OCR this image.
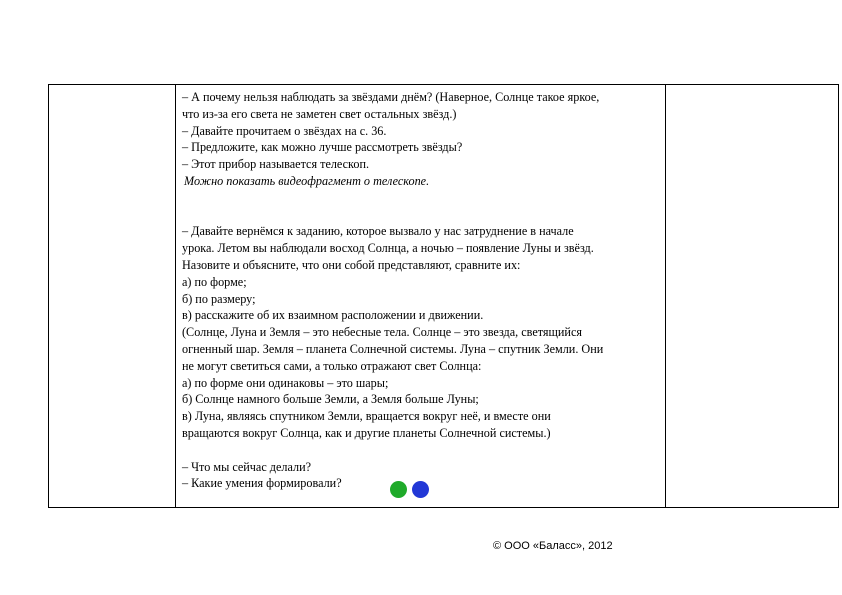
– А почему нельзя наблюдать за звёздами днём? (Наверное, Солнце такое яркое,
что из-за его света не заметен свет остальных звёзд.)
– Давайте прочитаем о звёздах на с. 36.
– Предложите, как можно лучше рассмотреть звёзды?
– Этот прибор называется телескоп.
Можно показать видеофрагмент о телескопе.
– Давайте вернёмся к заданию, которое вызвало у нас затруднение в начале
урока. Летом вы наблюдали восход Солнца, а ночью – появление Луны и звёзд.
Назовите и объясните, что они собой представляют, сравните их:
а) по форме;
б) по размеру;
в) расскажите об их взаимном расположении и движении.
(Солнце, Луна и Земля – это небесные тела. Солнце – это звезда, светящийся
огненный шар. Земля – планета Солнечной системы. Луна – спутник Земли. Они
не могут светиться сами, а только отражают свет Солнца:
а) по форме они одинаковы – это шары;
б) Солнце намного больше Земли, а Земля больше Луны;
в) Луна, являясь спутником Земли, вращается вокруг неё, и вместе они
вращаются вокруг Солнца, как и другие планеты Солнечной системы.)
– Что мы сейчас делали?
– Какие умения формировали?
© ООО «Баласс», 2012
